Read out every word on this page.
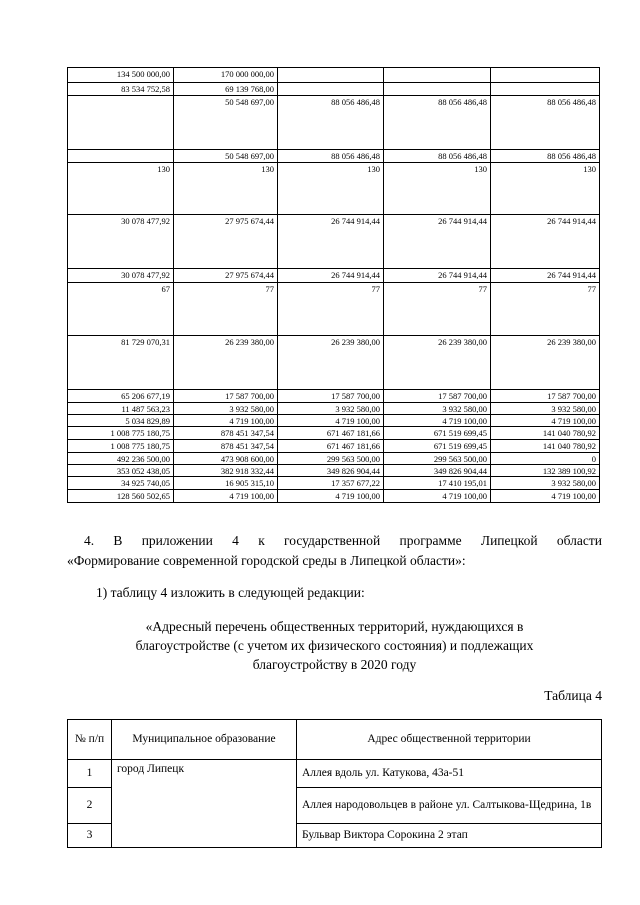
134 500 000,00	170 000 000,00			
83 534 752,58	69 139 768,00			
	50 548 697,00	88 056 486,48	88 056 486,48	88 056 486,48
	50 548 697,00	88 056 486,48	88 056 486,48	88 056 486,48
130	130	130	130	130
30 078 477,92	27 975 674,44	26 744 914,44	26 744 914,44	26 744 914,44
30 078 477,92	27 975 674,44	26 744 914,44	26 744 914,44	26 744 914,44
67	77	77	77	77
81 729 070,31	26 239 380,00	26 239 380,00	26 239 380,00	26 239 380,00
65 206 677,19	17 587 700,00	17 587 700,00	17 587 700,00	17 587 700,00
11 487 563,23	3 932 580,00	3 932 580,00	3 932 580,00	3 932 580,00
5 034 829,89	4 719 100,00	4 719 100,00	4 719 100,00	4 719 100,00
1 008 775 180,75	878 451 347,54	671 467 181,66	671 519 699,45	141 040 780,92
1 008 775 180,75	878 451 347,54	671 467 181,66	671 519 699,45	141 040 780,92
492 236 500,00	473 908 600,00	299 563 500,00	299 563 500,00	0
353 052 438,05	382 918 332,44	349 826 904,44	349 826 904,44	132 389 100,92
34 925 740,05	16 905 315,10	17 357 677,22	17 410 195,01	3 932 580,00
128 560 502,65	4 719 100,00	4 719 100,00	4 719 100,00	4 719 100,00
4. В приложении 4 к государственной программе Липецкой области
«Формирование современной городской среды в Липецкой области»:
1) таблицу 4 изложить в следующей редакции:
«Адресный перечень общественных территорий, нуждающихся в
благоустройстве (с учетом их физического состояния) и подлежащих
благоустройству в 2020 году
Таблица 4
№ п/п	Муниципальное образование	Адрес общественной территории
1	город Липецк	Аллея вдоль ул. Катукова, 43а-51
2		Аллея народовольцев в районе ул. Салтыкова-Щедрина, 1в
3		Бульвар Виктора Сорокина 2 этап
